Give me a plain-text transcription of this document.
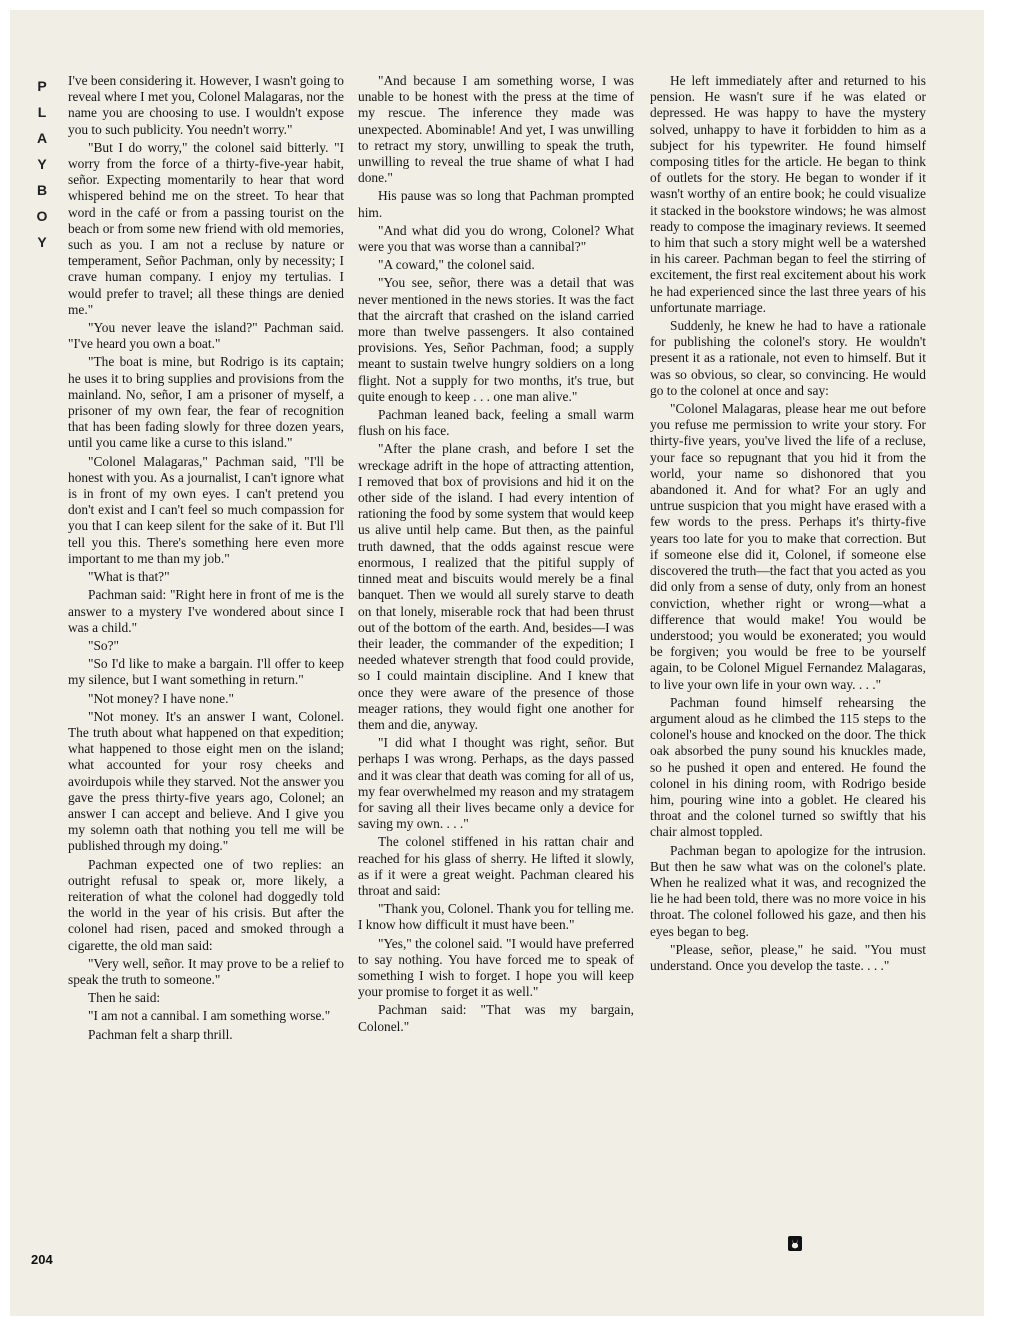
P
L
A
Y
B
O
Y

I've been considering it. However, I wasn't going to reveal where I met you, Colonel Malagaras, nor the name you are choosing to use. I wouldn't expose you to such publicity. You needn't worry."

"But I do worry," the colonel said bitterly. "I worry from the force of a thirty-five-year habit, señor. Expecting momentarily to hear that word whispered behind me on the street. To hear that word in the café or from a passing tourist on the beach or from some new friend with old memories, such as you. I am not a recluse by nature or temperament, Señor Pachman, only by necessity; I crave human company. I enjoy my tertulias. I would prefer to travel; all these things are denied me."

"You never leave the island?" Pachman said. "I've heard you own a boat."

"The boat is mine, but Rodrigo is its captain; he uses it to bring supplies and provisions from the mainland. No, señor, I am a prisoner of myself, a prisoner of my own fear, the fear of recognition that has been fading slowly for three dozen years, until you came like a curse to this island."

"Colonel Malagaras," Pachman said, "I'll be honest with you. As a journalist, I can't ignore what is in front of my own eyes. I can't pretend you don't exist and I can't feel so much compassion for you that I can keep silent for the sake of it. But I'll tell you this. There's something here even more important to me than my job."

"What is that?"

Pachman said: "Right here in front of me is the answer to a mystery I've wondered about since I was a child."

"So?"

"So I'd like to make a bargain. I'll offer to keep my silence, but I want something in return."

"Not money? I have none."

"Not money. It's an answer I want, Colonel. The truth about what happened on that expedition; what happened to those eight men on the island; what accounted for your rosy cheeks and avoirdupois while they starved. Not the answer you gave the press thirty-five years ago, Colonel; an answer I can accept and believe. And I give you my solemn oath that nothing you tell me will be published through my doing."

Pachman expected one of two replies: an outright refusal to speak or, more likely, a reiteration of what the colonel had doggedly told the world in the year of his crisis. But after the colonel had risen, paced and smoked through a cigarette, the old man said:

"Very well, señor. It may prove to be a relief to speak the truth to someone."

Then he said:

"I am not a cannibal. I am something worse."

Pachman felt a sharp thrill.

"And because I am something worse, I was unable to be honest with the press at the time of my rescue. The inference they made was unexpected. Abominable! And yet, I was unwilling to retract my story, unwilling to speak the truth, unwilling to reveal the true shame of what I had done."

His pause was so long that Pachman prompted him.

"And what did you do wrong, Colonel? What were you that was worse than a cannibal?"

"A coward," the colonel said.

"You see, señor, there was a detail that was never mentioned in the news stories. It was the fact that the aircraft that crashed on the island carried more than twelve passengers. It also contained provisions. Yes, Señor Pachman, food; a supply meant to sustain twelve hungry soldiers on a long flight. Not a supply for two months, it's true, but quite enough to keep . . . one man alive."

Pachman leaned back, feeling a small warm flush on his face.

"After the plane crash, and before I set the wreckage adrift in the hope of attracting attention, I removed that box of provisions and hid it on the other side of the island. I had every intention of rationing the food by some system that would keep us alive until help came. But then, as the painful truth dawned, that the odds against rescue were enormous, I realized that the pitiful supply of tinned meat and biscuits would merely be a final banquet. Then we would all surely starve to death on that lonely, miserable rock that had been thrust out of the bottom of the earth. And, besides—I was their leader, the commander of the expedition; I needed whatever strength that food could provide, so I could maintain discipline. And I knew that once they were aware of the presence of those meager rations, they would fight one another for them and die, anyway.

"I did what I thought was right, señor. But perhaps I was wrong. Perhaps, as the days passed and it was clear that death was coming for all of us, my fear overwhelmed my reason and my stratagem for saving all their lives became only a device for saving my own. . . ."

The colonel stiffened in his rattan chair and reached for his glass of sherry. He lifted it slowly, as if it were a great weight. Pachman cleared his throat and said:

"Thank you, Colonel. Thank you for telling me. I know how difficult it must have been."

"Yes," the colonel said. "I would have preferred to say nothing. You have forced me to speak of something I wish to forget. I hope you will keep your promise to forget it as well."

Pachman said: "That was my bargain, Colonel."

He left immediately after and returned to his pension. He wasn't sure if he was elated or depressed. He was happy to have the mystery solved, unhappy to have it forbidden to him as a subject for his typewriter. He found himself composing titles for the article. He began to think of outlets for the story. He began to wonder if it wasn't worthy of an entire book; he could visualize it stacked in the bookstore windows; he was almost ready to compose the imaginary reviews. It seemed to him that such a story might well be a watershed in his career. Pachman began to feel the stirring of excitement, the first real excitement about his work he had experienced since the last three years of his unfortunate marriage.

Suddenly, he knew he had to have a rationale for publishing the colonel's story. He wouldn't present it as a rationale, not even to himself. But it was so obvious, so clear, so convincing. He would go to the colonel at once and say:

"Colonel Malagaras, please hear me out before you refuse me permission to write your story. For thirty-five years, you've lived the life of a recluse, your face so repugnant that you hid it from the world, your name so dishonored that you abandoned it. And for what? For an ugly and untrue suspicion that you might have erased with a few words to the press. Perhaps it's thirty-five years too late for you to make that correction. But if someone else did it, Colonel, if someone else discovered the truth—the fact that you acted as you did only from a sense of duty, only from an honest conviction, whether right or wrong—what a difference that would make! You would be understood; you would be exonerated; you would be forgiven; you would be free to be yourself again, to be Colonel Miguel Fernandez Malagaras, to live your own life in your own way. . . ."

Pachman found himself rehearsing the argument aloud as he climbed the 115 steps to the colonel's house and knocked on the door. The thick oak absorbed the puny sound his knuckles made, so he pushed it open and entered. He found the colonel in his dining room, with Rodrigo beside him, pouring wine into a goblet. He cleared his throat and the colonel turned so swiftly that his chair almost toppled.

Pachman began to apologize for the intrusion. But then he saw what was on the colonel's plate. When he realized what it was, and recognized the lie he had been told, there was no more voice in his throat. The colonel followed his gaze, and then his eyes began to beg.

"Please, señor, please," he said. "You must understand. Once you develop the taste. . . ."

204
